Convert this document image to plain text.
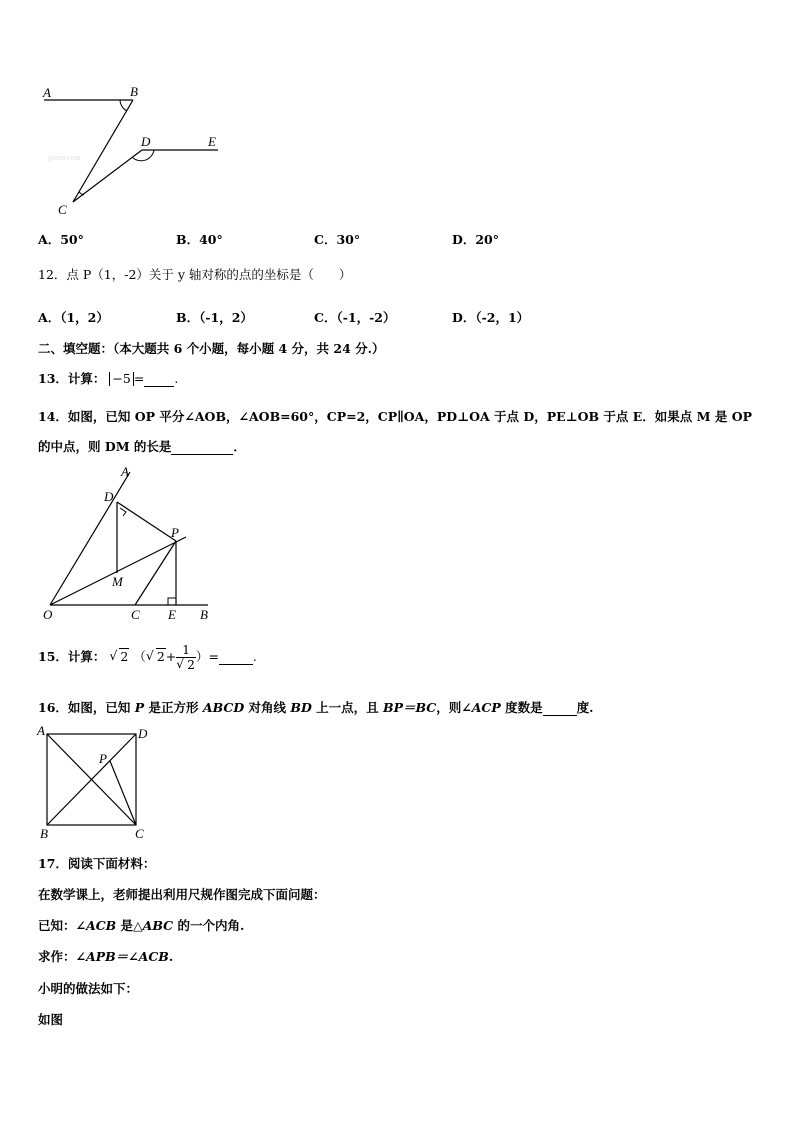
A	B
C
D	E
jyeoo.com
A．50°	B．40°	C．30°	D．20°
12．点 P（1，-2）关于 y 轴对称的点的坐标是（　　）
A．（1，2）	B．（-1，2）	C．（-1，-2）	D．（-2，1）
二、填空题：（本大题共 6 个小题，每小题 4 分，共 24 分.）
13．计算： −5 = .
14．如图，已知 OP 平分∠AOB，∠AOB=60°，CP=2，CP∥OA，PD⊥OA 于点 D，PE⊥OB 于点 E．如果点 M 是 OP
的中点，则 DM 的长是	．
A
D
P
M
O	C E B
15．计算： √ 2 （ √ 2+ 1
√ 2 ）=	.
16．如图，已知 P 是正方形 ABCD 对角线 BD 上一点，且 BP＝BC，则∠ACP 度数是	度.
A	D
P
B	C
17．阅读下面材料：
在数学课上，老师提出利用尺规作图完成下面问题：
已知：∠ACB 是△ABC 的一个内角.
求作：∠APB＝∠ACB.
小明的做法如下：
如图
